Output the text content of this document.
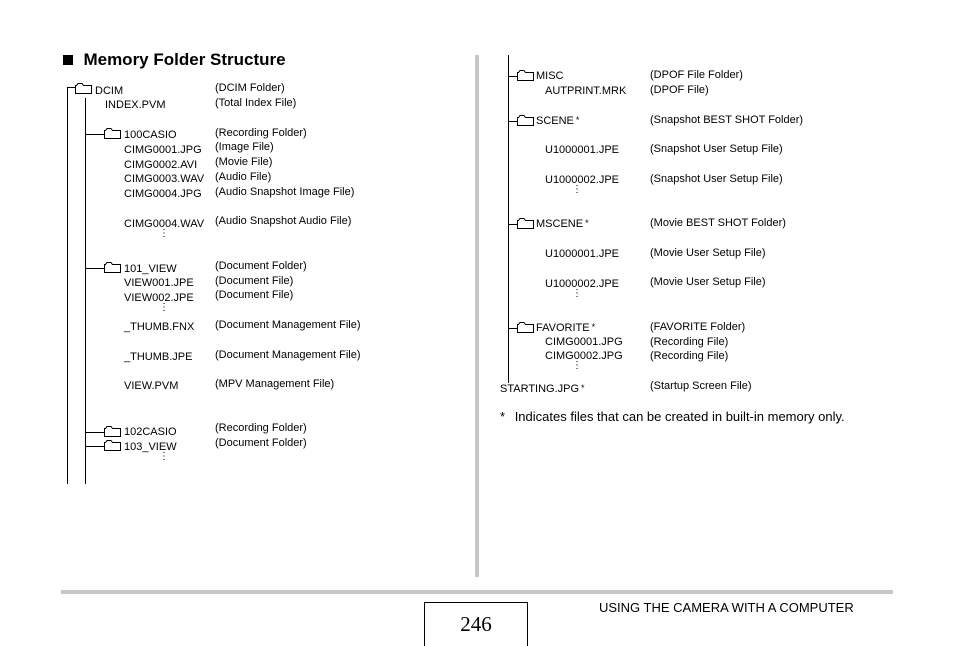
Memory Folder Structure
DCIM	(DCIM Folder)
INDEX.PVM	(Total Index File)
100CASIO	(Recording Folder)
CIMG0001.JPG (Image File)
CIMG0002.AVI (Movie File)
CIMG0003.WAV (Audio File)
CIMG0004.JPG (Audio Snapshot Image File)
CIMG0004.WAV (Audio Snapshot Audio File)
⋮
101_VIEW	(Document Folder)
VIEW001.JPE (Document File)
VIEW002.JPE (Document File)
⋮
_THUMB.FNX (Document Management File)
_THUMB.JPE (Document Management File)
VIEW.PVM	(MPV Management File)
102CASIO	(Recording Folder)
103_VIEW	(Document Folder)
⋮
MISC	(DPOF File Folder)
AUTPRINT.MRK (DPOF File)
SCENE *	(Snapshot BEST SHOT Folder)
U1000001.JPE	(Snapshot User Setup File)
U1000002.JPE	(Snapshot User Setup File)
⋮
MSCENE *	(Movie BEST SHOT Folder)
U1000001.JPE	(Movie User Setup File)
U1000002.JPE	(Movie User Setup File)
⋮
FAVORITE *	(FAVORITE Folder)
CIMG0001.JPG (Recording File)
CIMG0002.JPG (Recording File)
⋮
STARTING.JPG *	(Startup Screen File)
* Indicates files that can be created in built-in memory only.
246
USING THE CAMERA WITH A COMPUTER
